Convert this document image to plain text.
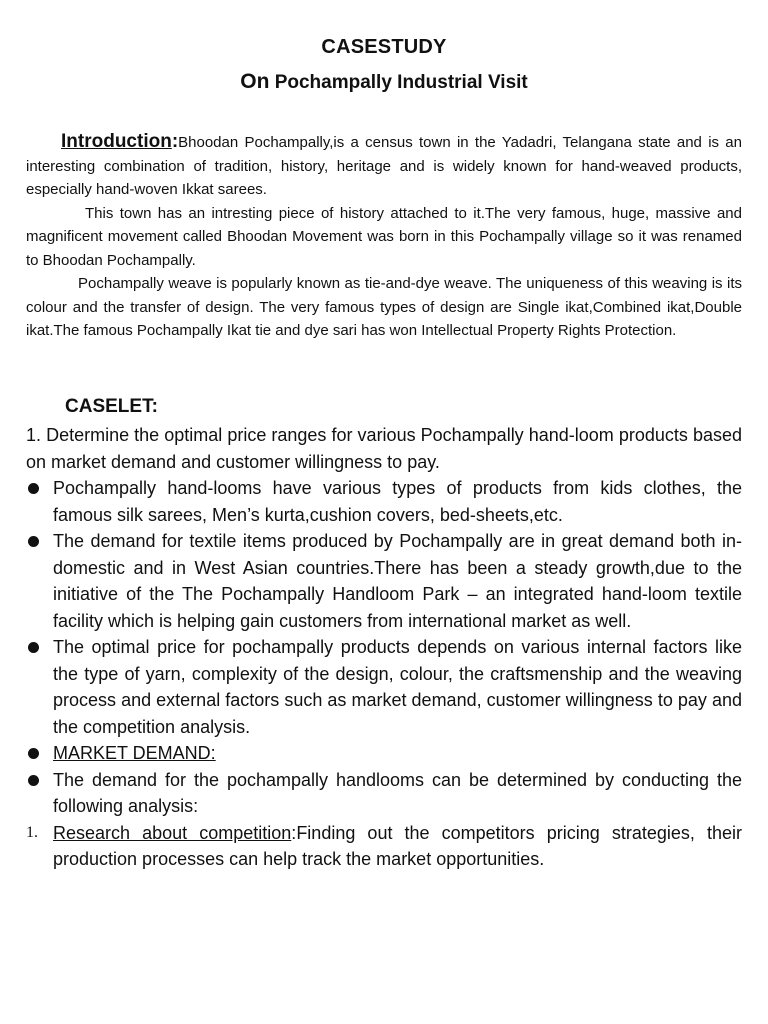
CASESTUDY
On Pochampally Industrial Visit

Introduction:Bhoodan Pochampally,is a census town in the Yadadri, Telangana state and is an interesting combination of tradition, history, heritage and is widely known for hand-weaved products, especially hand-woven Ikkat sarees.

This town has an intresting piece of history attached to it.The very famous, huge, massive and magnificent movement called Bhoodan Movement was born in this Pochampally village so it was renamed to Bhoodan Pochampally.

Pochampally weave is popularly known as tie-and-dye weave. The uniqueness of this weaving is its colour and the transfer of design. The very famous types of design are Single ikat,Combined ikat,Double ikat.The famous Pochampally Ikat tie and dye sari has won Intellectual Property Rights Protection.

CASELET:

1. Determine the optimal price ranges for various Pochampally hand-loom products based on market demand and customer willingness to pay.

Pochampally hand-looms have various types of products from kids clothes, the famous silk sarees, Men’s kurta,cushion covers, bed-sheets,etc.
The demand for textile items produced by Pochampally are in great demand both in-domestic and in West Asian countries.There has been a steady growth,due to the initiative of the The Pochampally Handloom Park – an integrated hand-loom textile facility which is helping gain customers from international market as well.
The optimal price for pochampally products depends on various internal factors like the type of yarn, complexity of the design, colour, the craftsmenship and the weaving process and external factors such as market demand, customer willingness to pay and the competition analysis.
MARKET DEMAND:
The demand for the pochampally handlooms can be determined by conducting the following analysis:
1. Research about competition:Finding out the competitors pricing strategies, their production processes can help track the market opportunities.
